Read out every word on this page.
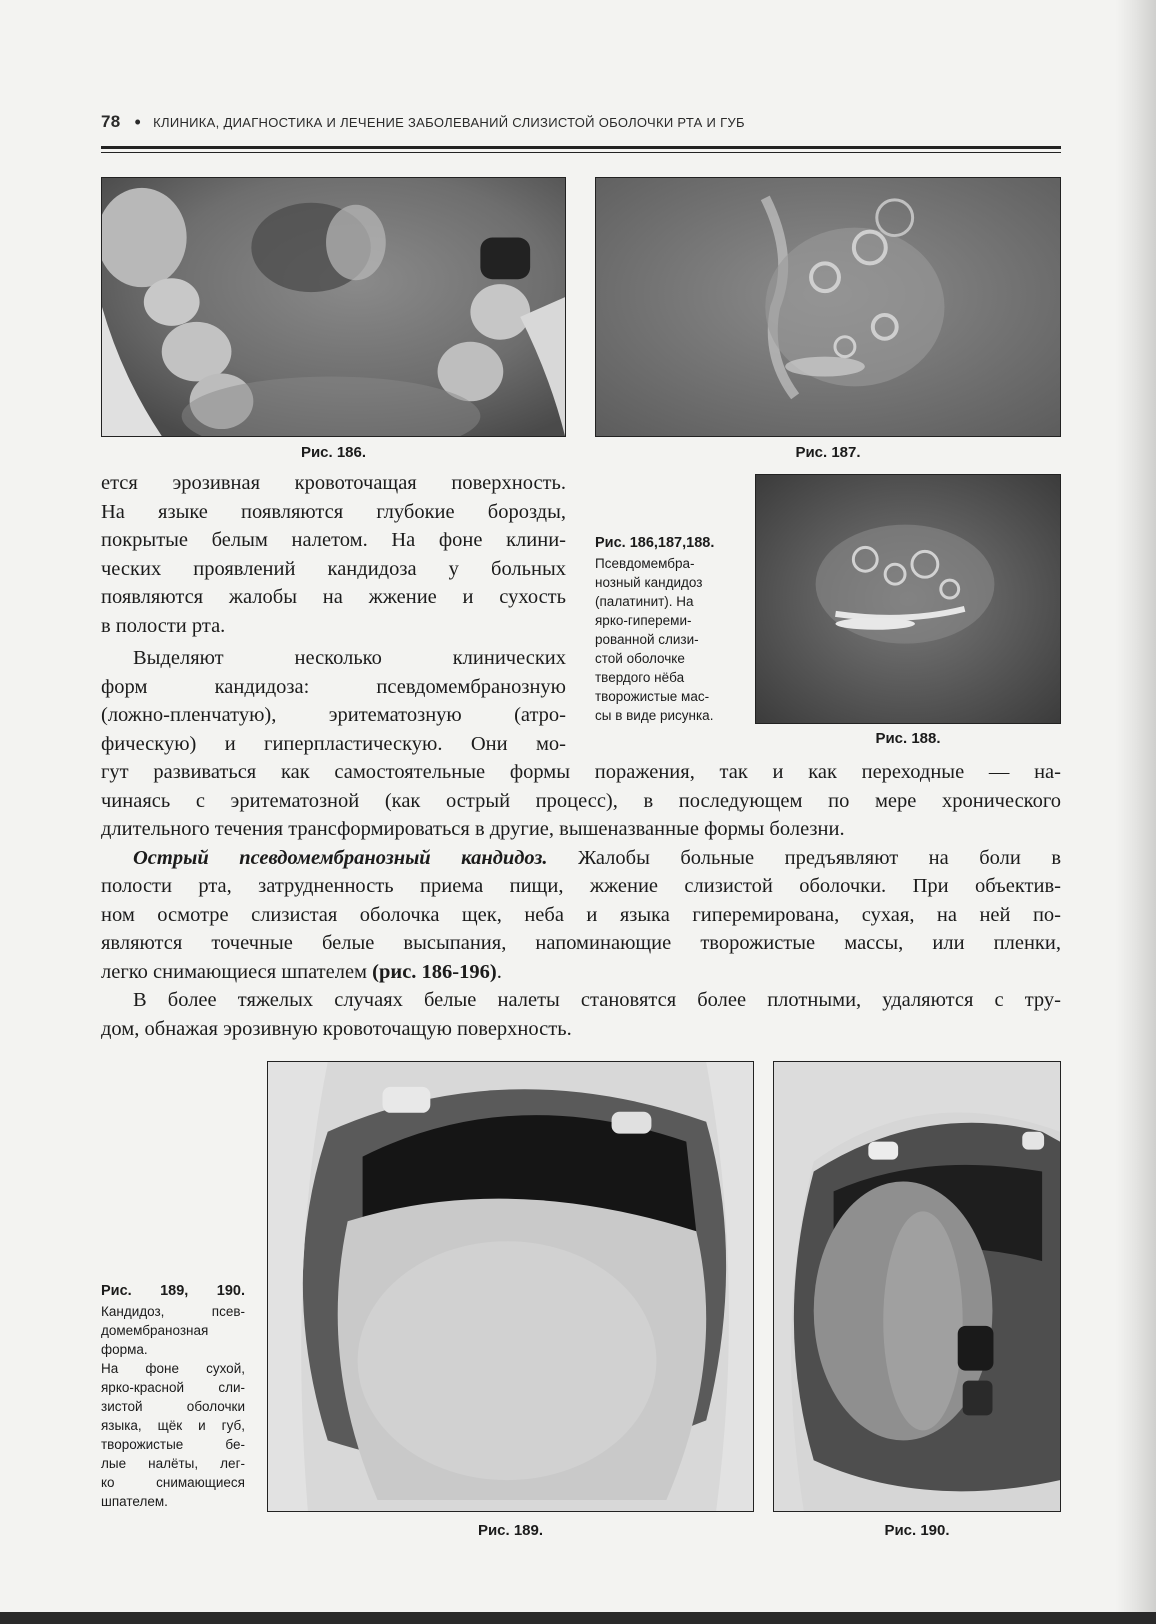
78 • КЛИНИКА, ДИАГНОСТИКА И ЛЕЧЕНИЕ ЗАБОЛЕВАНИЙ СЛИЗИСТОЙ ОБОЛОЧКИ РТА И ГУБ
Рис. 186.	Рис. 187.
Рис. 188.
Рис. 186,187,188.
Псевдомембра-
нозный кандидоз
(палатинит). На
ярко-гипереми-
рованной слизи-
стой оболочке
твердого нёба
творожистые мас-
сы в виде рисунка.
ется эрозивная кровоточащая поверхность.
На языке появляются глубокие борозды,
покрытые белым налетом. На фоне клини-
ческих проявлений кандидоза у больных
появляются жалобы на жжение и сухость
в полости рта.
Выделяют несколько клинических
форм кандидоза: псевдомембранозную
(ложно-пленчатую), эритематозную (атро-
фическую) и гиперпластическую. Они мо-
гут развиваться как самостоятельные формы поражения, так и как переходные — на-
чинаясь с эритематозной (как острый процесс), в последующем по мере хронического
длительного течения трансформироваться в другие, вышеназванные формы болезни.
Острый псевдомембранозный кандидоз. Жалобы больные предъявляют на боли в
полости рта, затрудненность приема пищи, жжение слизистой оболочки. При объектив-
ном осмотре слизистая оболочка щек, неба и языка гиперемирована, сухая, на ней по-
являются точечные белые высыпания, напоминающие творожистые массы, или пленки,
легко снимающиеся шпателем (рис. 186-196).
В более тяжелых случаях белые налеты становятся более плотными, удаляются с тру-
дом, обнажая эрозивную кровоточащую поверхность.
Рис. 189, 190.
Кандидоз, псев-
домембранозная
форма.
На фоне сухой,
ярко-красной сли-
зистой оболочки
языка, щёк и губ,
творожистые бе-
лые налёты, лег-
ко снимающиеся
шпателем.
Рис. 189.	Рис. 190.
